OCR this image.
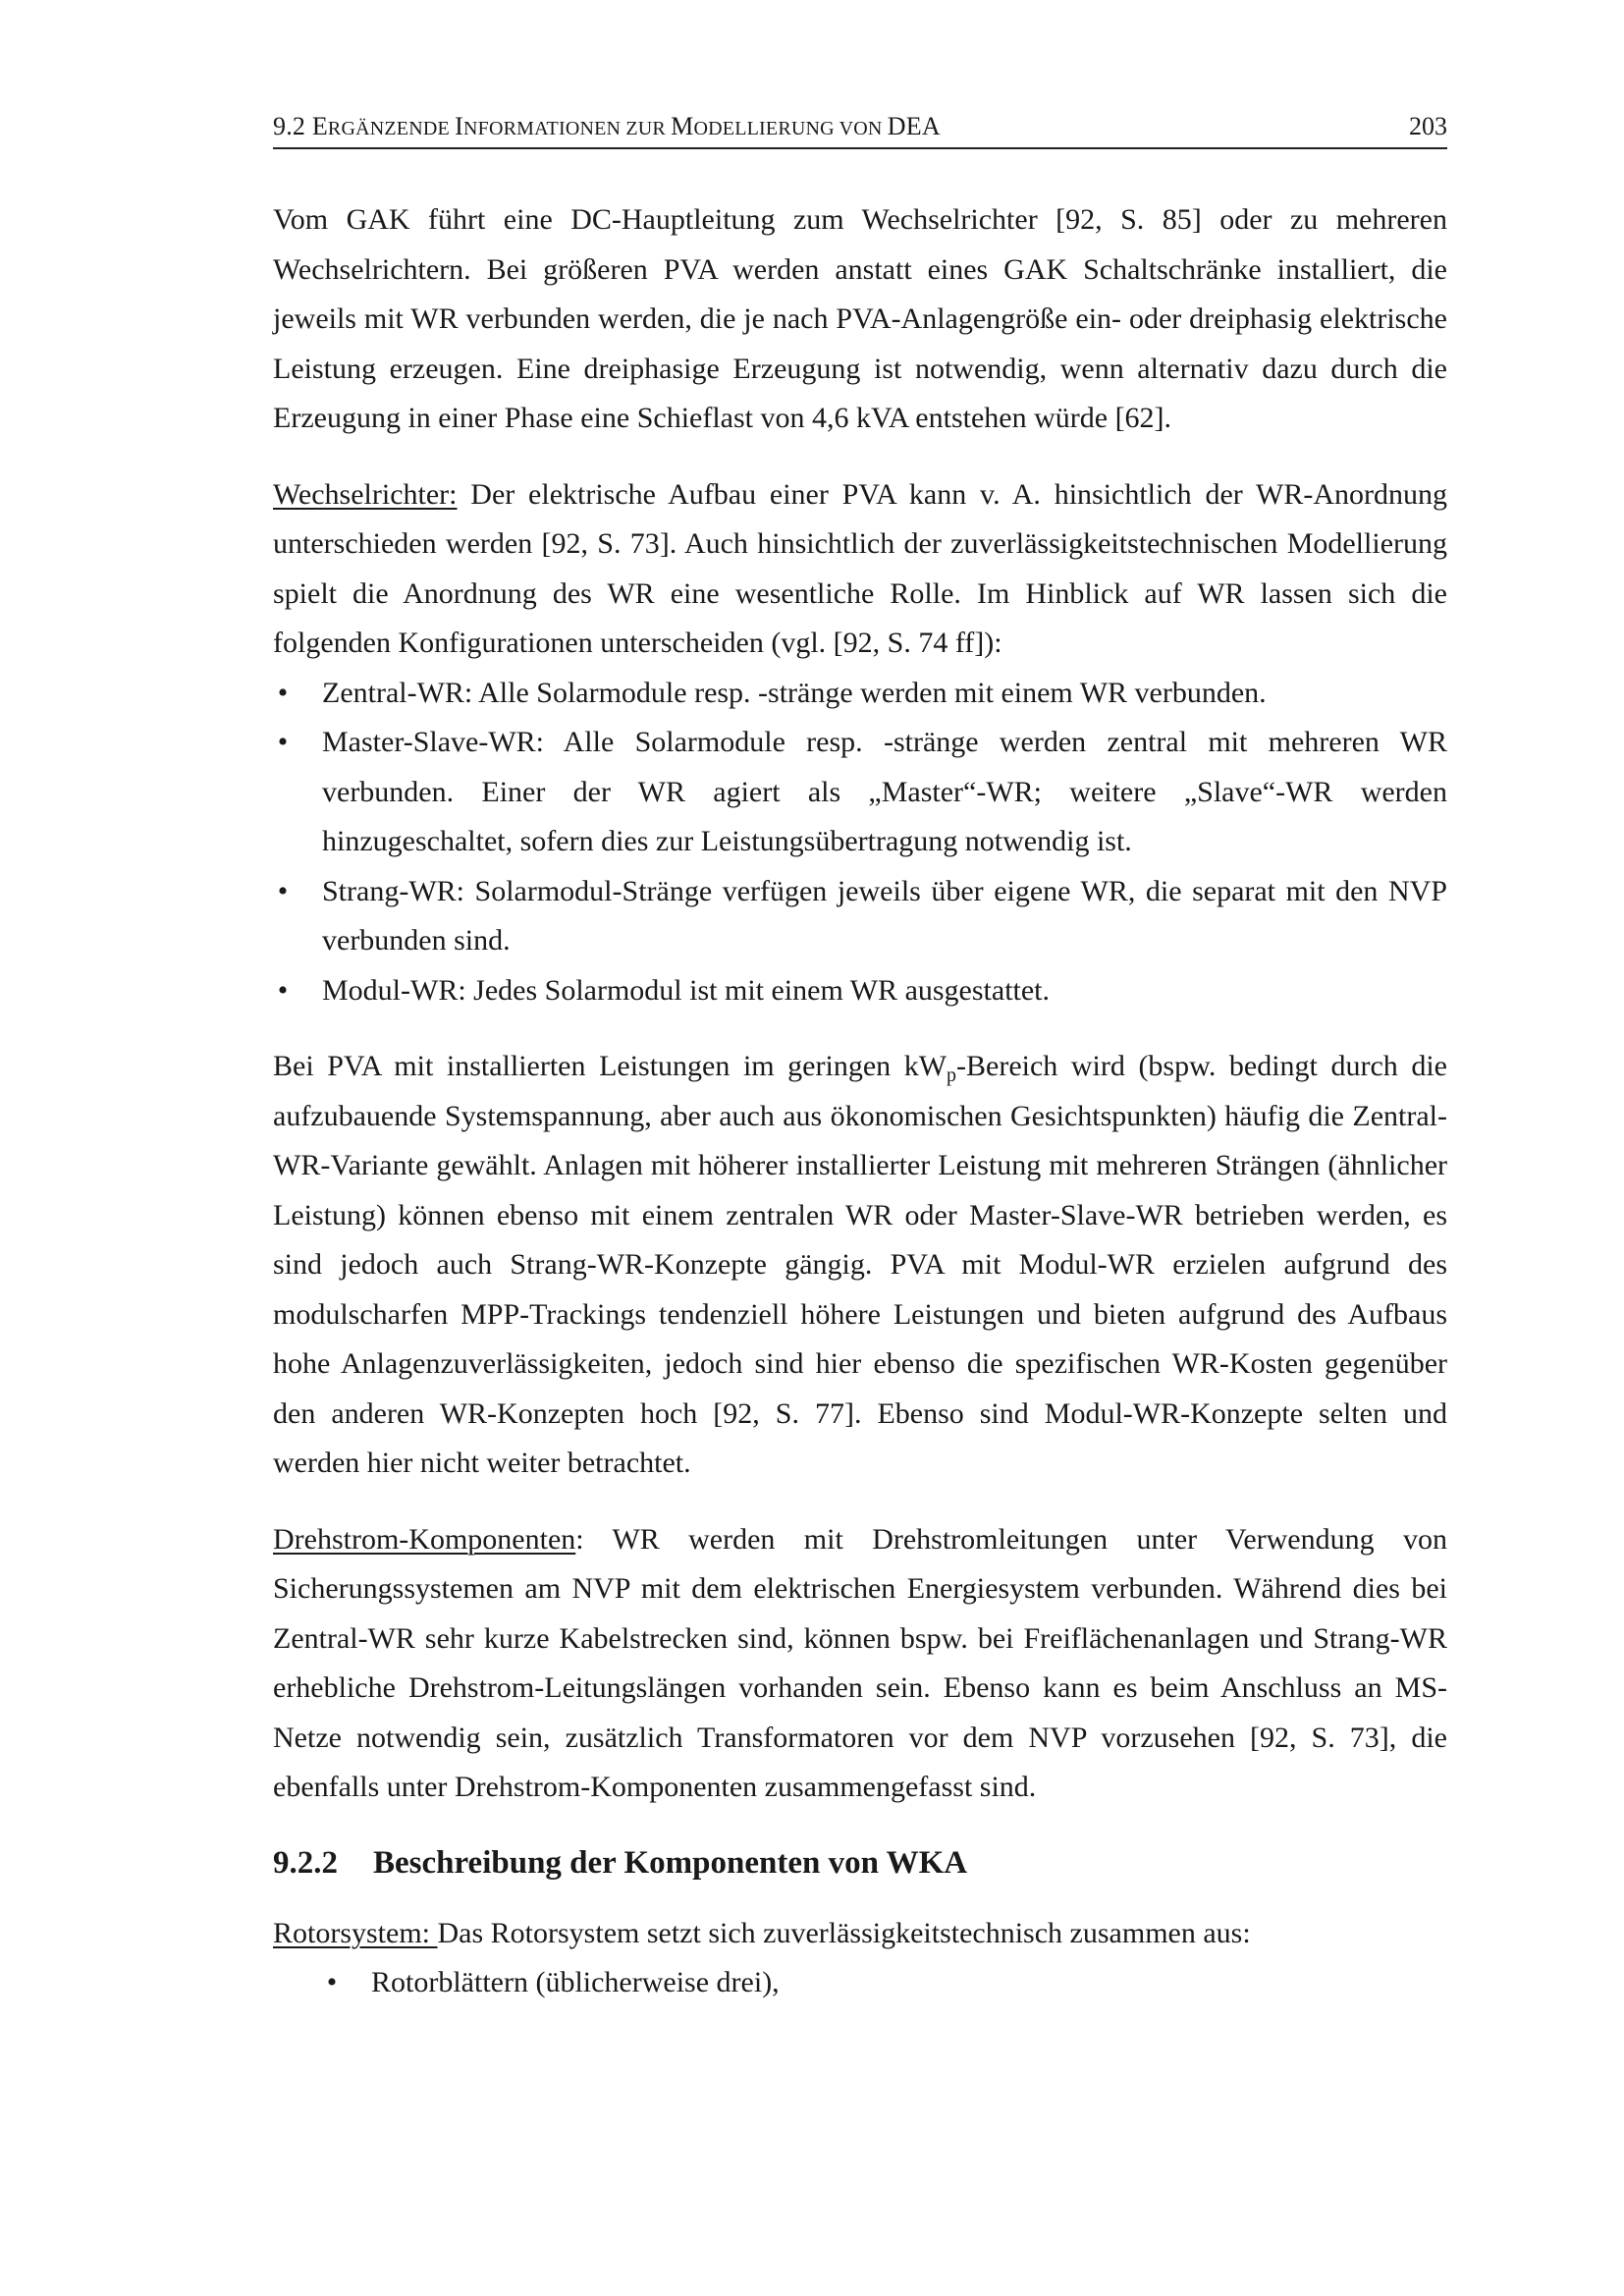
9.2 ERGÄNZENDE INFORMATIONEN ZUR MODELLIERUNG VON DEA	203

Vom GAK führt eine DC-Hauptleitung zum Wechselrichter [92, S. 85] oder zu mehreren Wechselrichtern. Bei größeren PVA werden anstatt eines GAK Schaltschränke installiert, die jeweils mit WR verbunden werden, die je nach PVA-Anlagengröße ein- oder dreiphasig elektrische Leistung erzeugen. Eine dreiphasige Erzeugung ist notwendig, wenn alternativ dazu durch die Erzeugung in einer Phase eine Schieflast von 4,6 kVA entstehen würde [62].

Wechselrichter: Der elektrische Aufbau einer PVA kann v. A. hinsichtlich der WR-Anordnung unterschieden werden [92, S. 73]. Auch hinsichtlich der zuverlässigkeitstechnischen Modellierung spielt die Anordnung des WR eine wesentliche Rolle. Im Hinblick auf WR lassen sich die folgenden Konfigurationen unterscheiden (vgl. [92, S. 74 ff]):

• Zentral-WR: Alle Solarmodule resp. -stränge werden mit einem WR verbunden.
• Master-Slave-WR: Alle Solarmodule resp. -stränge werden zentral mit mehreren WR verbunden. Einer der WR agiert als „Master“-WR; weitere „Slave“-WR werden hinzugeschaltet, sofern dies zur Leistungsübertragung notwendig ist.
• Strang-WR: Solarmodul-Stränge verfügen jeweils über eigene WR, die separat mit den NVP verbunden sind.
• Modul-WR: Jedes Solarmodul ist mit einem WR ausgestattet.

Bei PVA mit installierten Leistungen im geringen $kW_p$-Bereich wird (bspw. bedingt durch die aufzubauende Systemspannung, aber auch aus ökonomischen Gesichtspunkten) häufig die Zentral-WR-Variante gewählt. Anlagen mit höherer installierter Leistung mit mehreren Strängen (ähnlicher Leistung) können ebenso mit einem zentralen WR oder Master-Slave-WR betrieben werden, es sind jedoch auch Strang-WR-Konzepte gängig. PVA mit Modul-WR erzielen aufgrund des modulscharfen MPP-Trackings tendenziell höhere Leistungen und bieten aufgrund des Aufbaus hohe Anlagenzuverlässigkeiten, jedoch sind hier ebenso die spezifischen WR-Kosten gegenüber den anderen WR-Konzepten hoch [92, S. 77]. Ebenso sind Modul-WR-Konzepte selten und werden hier nicht weiter betrachtet.

Drehstrom-Komponenten: WR werden mit Drehstromleitungen unter Verwendung von Sicherungssystemen am NVP mit dem elektrischen Energiesystem verbunden. Während dies bei Zentral-WR sehr kurze Kabelstrecken sind, können bspw. bei Freiflächenanlagen und Strang-WR erhebliche Drehstrom-Leitungslängen vorhanden sein. Ebenso kann es beim Anschluss an MS-Netze notwendig sein, zusätzlich Transformatoren vor dem NVP vorzusehen [92, S. 73], die ebenfalls unter Drehstrom-Komponenten zusammengefasst sind.

9.2.2	Beschreibung der Komponenten von WKA

Rotorsystem: Das Rotorsystem setzt sich zuverlässigkeitstechnisch zusammen aus:

• Rotorblättern (üblicherweise drei),
